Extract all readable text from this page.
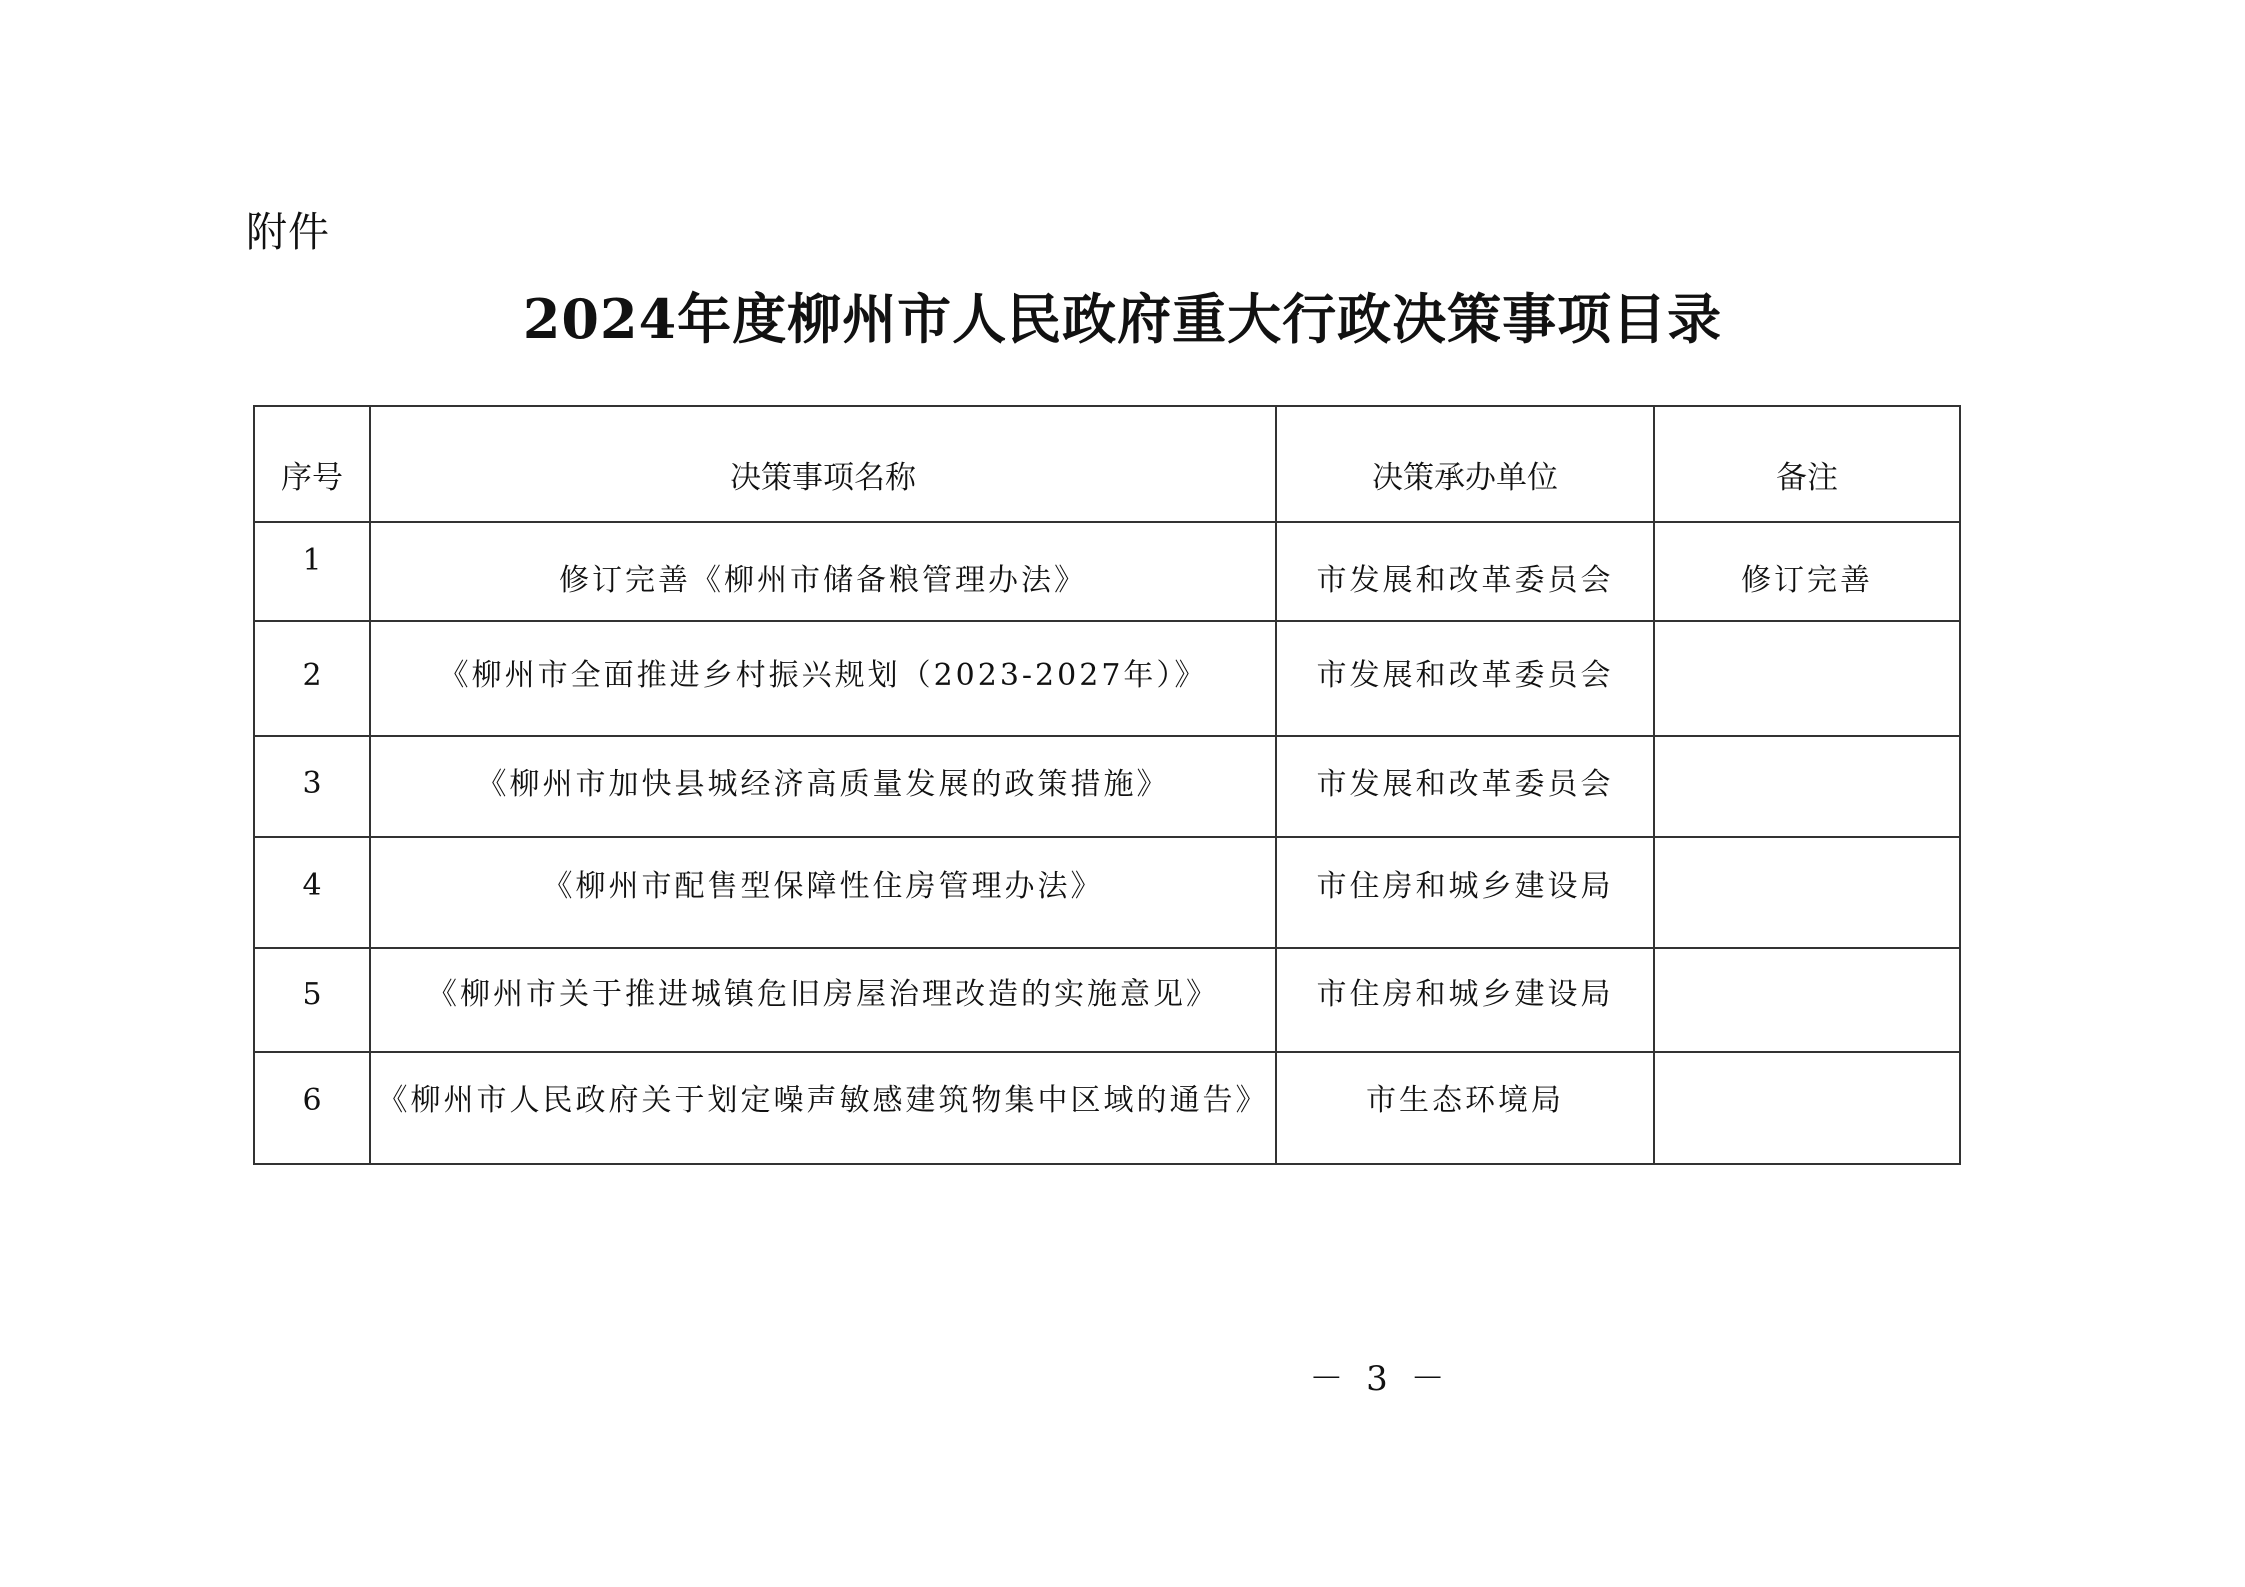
附件
2024年度柳州市人民政府重大行政决策事项目录
序号	决策事项名称	决策承办单位	备注

1	修订完善《柳州市储备粮管理办法》	市发展和改革委员会	修订完善

2	《柳州市全面推进乡村振兴规划（2023-2027年）》	市发展和改革委员会	

3	《柳州市加快县城经济高质量发展的政策措施》	市发展和改革委员会	

4	《柳州市配售型保障性住房管理办法》	市住房和城乡建设局	

5	《柳州市关于推进城镇危旧房屋治理改造的实施意见》	市住房和城乡建设局	

6	《柳州市人民政府关于划定噪声敏感建筑物集中区域的通告》	市生态环境局	

－ 3 －
